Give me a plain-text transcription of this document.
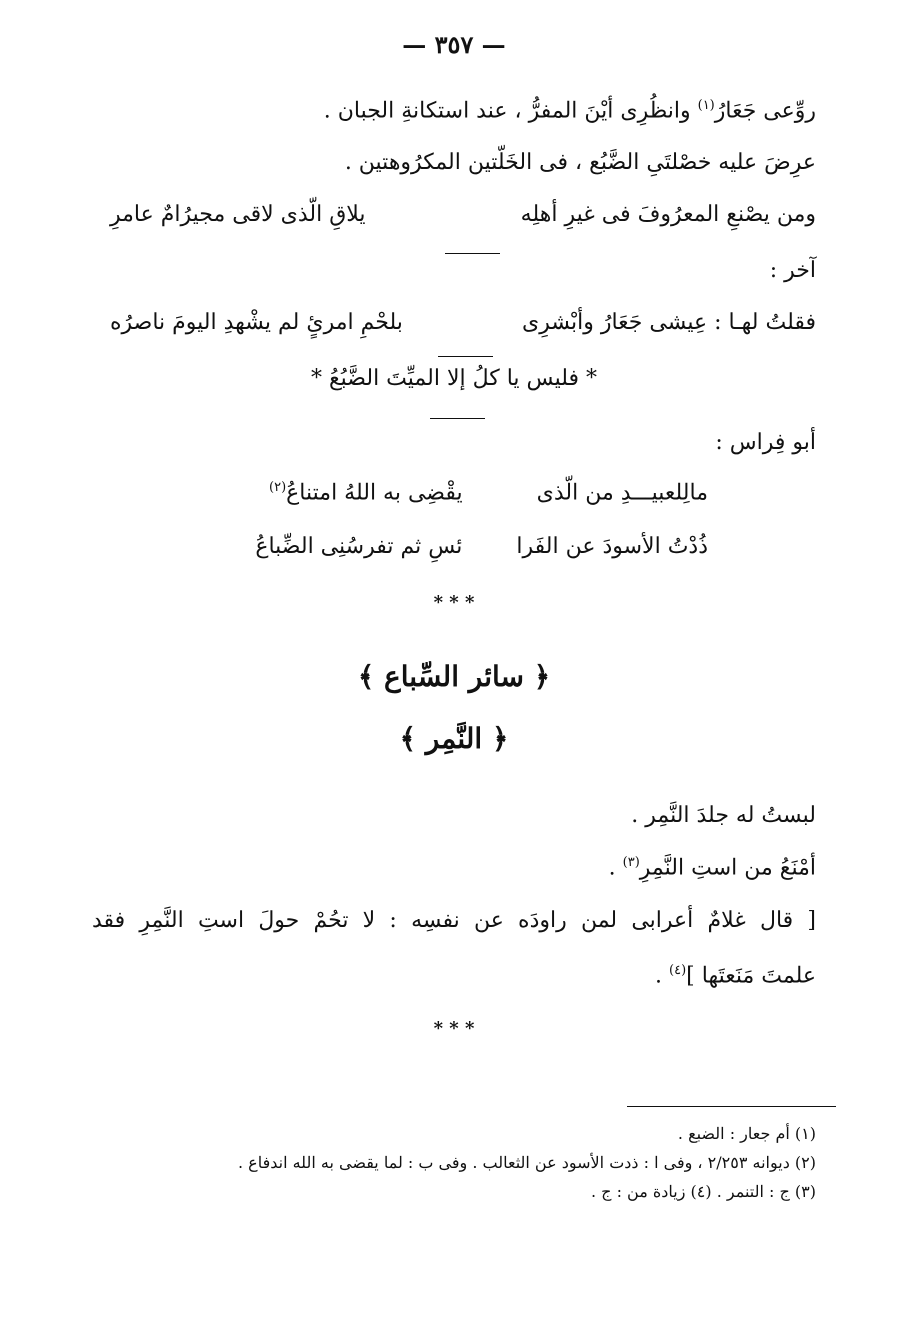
— ٣٥٧ —
روِّعى جَعَارُ$^{(١)}$ وانظُرِى أيْنَ المفرُّ ، عند استكانةِ الجبان .
عرِضَ عليه خصْلتَىِ الضَّبُع ، فى الخَلّتين المكرُوهتين .
ومن يصْنعِ المعرُوفَ فى غيرِ أهلِه
يلاقِ الّذى لاقى مجيرُامٌ عامرِ
آخر :
فقلتُ لهـا : عِيشى جَعَارُ وأبْشرِى
بلحْمِ امرئٍ لم يشْهدِ اليومَ ناصرُه
* فليس يا كلُ إلا الميِّتَ الضَّبُعُ *
أبو فِراس :
مالِلعبيـــدِ من الّذى  يقْضِى به اللهُ امتناعُ$^{(٢)}$
ذُدْتُ الأسودَ عن الفَرا  ئسِ ثم تفرسُنِى الضِّباعُ
* * *
﴿ سائر السِّباع ﴾
﴿ النَّمِر ﴾
لبستُ له جلدَ النَّمِر .
أمْنَعُ من استِ النَّمِرِ$^{(٣)}$ .
[ قال غلامٌ أعرابى لمن راودَه عن نفسِه : لا تحُمْ حولَ استِ النَّمِرِ فقد
علمتَ مَنَعتَها ]$^{(٤)}$ .
* * *
(١) أم جعار : الضبع .
(٢) ديوانه ٢/٢٥٣ ، وفى ا : ذدت الأسود عن الثعالب . وفى ب : لما يقضى به الله اندفاع .
(٣) ج : التنمر . (٤) زيادة من : ج .
